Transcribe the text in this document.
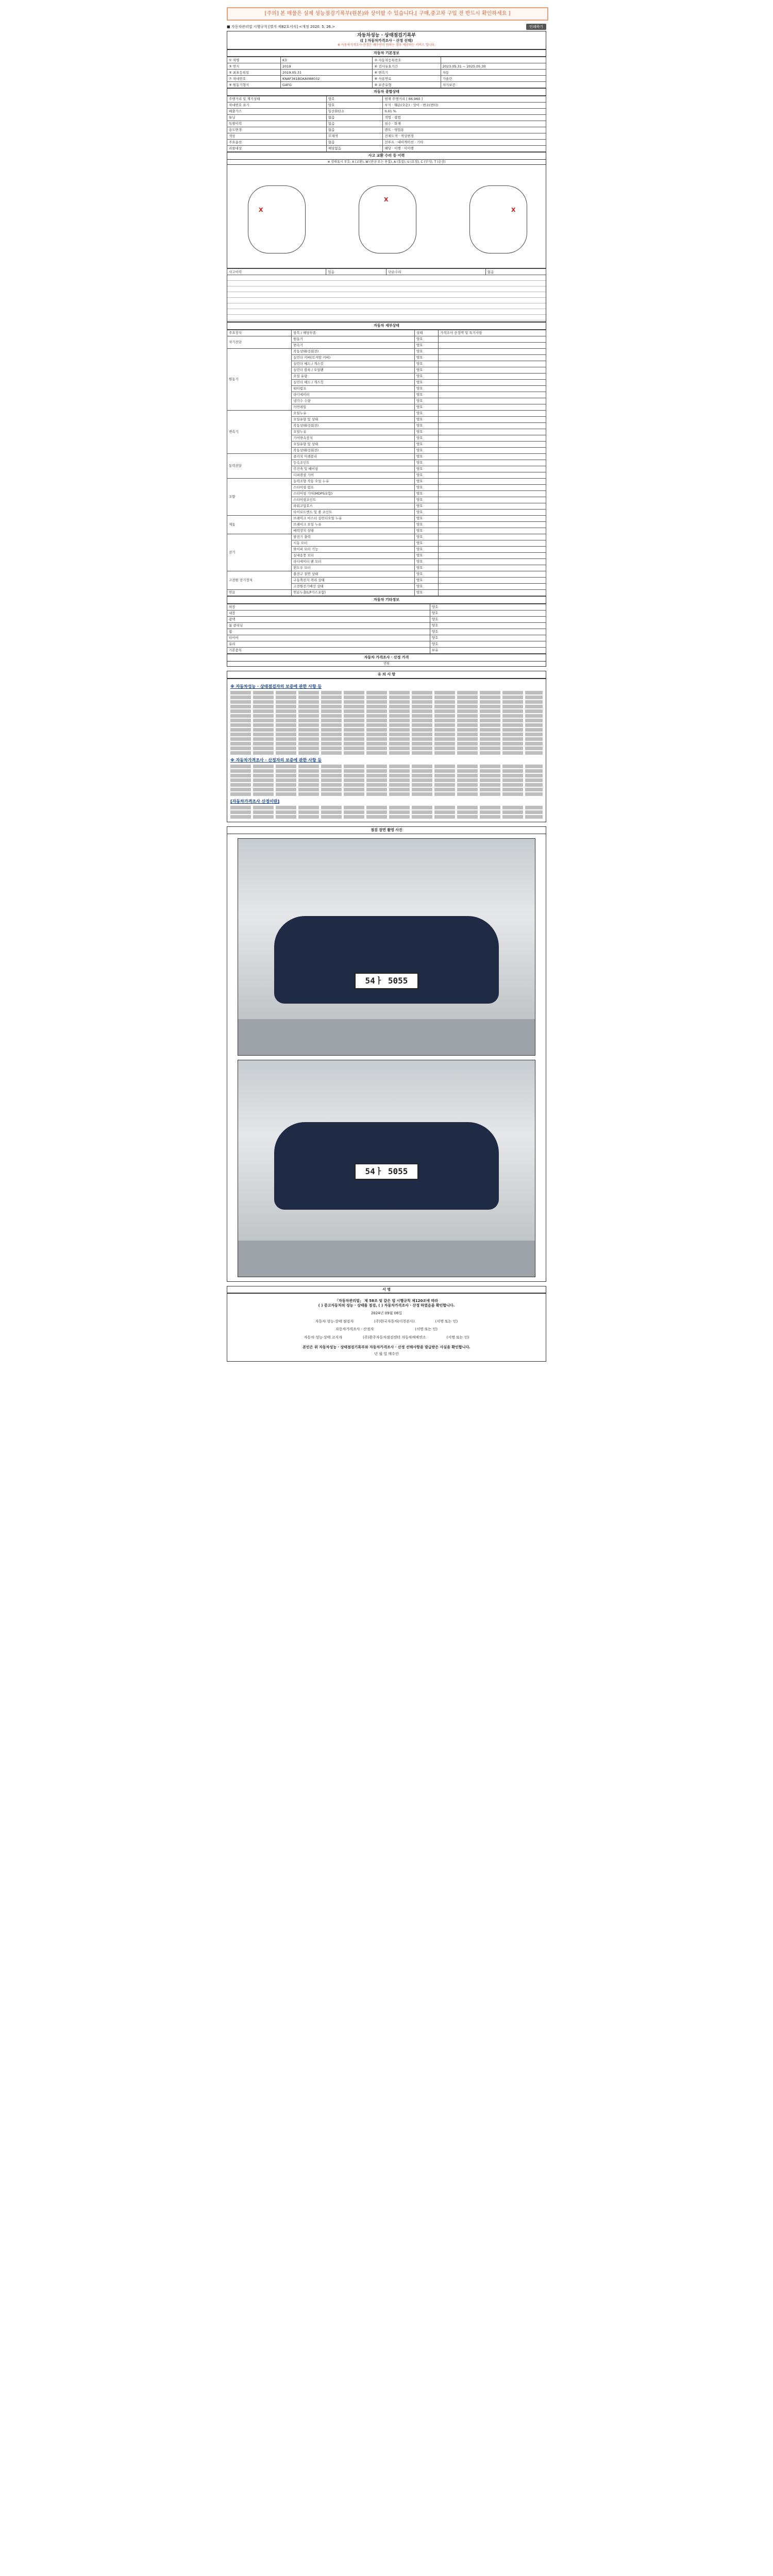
[주의] 본 매물은 실제 성능점검기록부(원본)와 상이할 수 있습니다.[ 구매,중고차 구입 전 반드시 확인하세요 ]
■ 자동차관리법 시행규칙 [별지 제82호서식] <개정 2020. 5. 26.>	인쇄하기
자동차성능 · 상태점검기록부
([ ] 자동차가격조사 · 산정 선택)
※ 자동차가격조사·산정은 매수인이 원하는 경우 제공하는 서비스 입니다.
자동차 기본정보
① 차명	K3	② 자동차등록번호	
③ 연식	2019	④ 검사유효기간	2023.05.31 ~ 2025.05.30
⑤ 최초등록일	2019.05.31	⑥ 변속기	자동
⑦ 차대번호	KNAF361BGKA088032	⑧ 사용연료	가솔린
⑨ 원동기형식	G4FG	⑩ 보증유형	자가보증
자동차 종합상태
주행거리 및 계기상태	양호	현재 주행거리 [ 66,960 ]
차대번호 표기	양호	부식 · 훼손(오손) · 상이 · 변조(변타)
배출가스	일산화탄소	0.01 %
튜닝	없음	적법 · 불법
특별이력	없음	침수 · 화재
용도변경	없음	렌트 · 영업용
색상	무채색	전체도색 · 색상변경
주요옵션	없음	선루프 · 내비게이션 · 기타
리콜대상	해당없음	해당 · 이행 · 미이행
사고 교환 수리 등 이력
※ 상태표시 부호: X (교환), W (판금 또는 용접), A (흠집), U (요철), C (부식), T (손상)
X
X
X
사고이력	있음	단순수리	없음
자동차 세부상태
주요장치	항목 / 해당부품	상태	가격조사 산정액 및 특기사항
자기진단	원동기	양호	
	변속기	양호	
원동기	작동상태(공회전)	양호	
	실린더 커버(로커암 커버)	양호	
	실린더 헤드 / 개스킷	양호	
	실린더 블록 / 오일팬	양호	
	오일 유량	양호	
	실린더 헤드 / 개스킷	양호	
	워터펌프	양호	
	라디에이터	양호	
	냉각수 수량	양호	
	커먼레일	양호	
변속기	오일누유	양호	
	오일유량 및 상태	양호	
	작동상태(공회전)	양호	
	오일누유	양호	
	기어변속장치	양호	
	오일유량 및 상태	양호	
	작동상태(공회전)	양호	
동력전달	클러치 어셈블리	양호	
	등속조인트	양호	
	추진축 및 베어링	양호	
	디퍼렌셜 기어	양호	
조향	동력조향 작동 오일 누유	양호	
	스티어링 펌프	양호	
	스티어링 기어(MDPS포함)	양호	
	스티어링조인트	양호	
	파워고압호스	양호	
	타이로드엔드 및 볼 조인트	양호	
제동	브레이크 마스터 실린더오일 누유	양호	
	브레이크 오일 누유	양호	
	배력장치 상태	양호	
전기	발전기 출력	양호	
	시동 모터	양호	
	와이퍼 모터 기능	양호	
	실내송풍 모터	양호	
	라디에이터 팬 모터	양호	
	윈도우 모터	양호	
고전원 전기장치	충전구 절연 상태	양호	
	구동축전지 격리 상태	양호	
	고전원전기배선 상태	양호	
연료	연료누출(LP가스포함)	양호	
자동차 기타정보
외장	양호
내장	양호
광택	양호
룸 클리닝	양호
휠	양호
타이어	양호
유리	양호
기본품목	보유
자동차 가격조사 · 산정 가격
만원
유 의 사 항
※ 자동차성능 · 상태점검자의 보증에 관한 사항 등
※ 자동차가격조사 · 산정자의 보증에 관한 사항 등
[자동차가격조사 산정이란]
점검 장면 촬영 사진
54ㅏ 5055
54ㅏ 5055
서 명
「자동차관리법」 제 58조 및 같은 법 시행규칙 제120조에 따라
( ) 중고자동차의 성능 · 상태를 점검, ( ) 자동차가격조사 · 산정 하였음을 확인합니다.
2024년 09월 06일
자동차 성능·상태 점검자	(주)한국자동차(이천본사)	(서명 또는 인)
자동차가격조사 · 산정자	(서명 또는 인)
자동차 성능·상태 고지자	(주)광주자동차점검센터 자동차매매연소	(서명 또는 인)
본인은 위 자동차성능 · 상태점검기록부와 자동차가격조사 · 산정 선택사항을 발급받은 사실을 확인합니다.
년 월 일 매수인
